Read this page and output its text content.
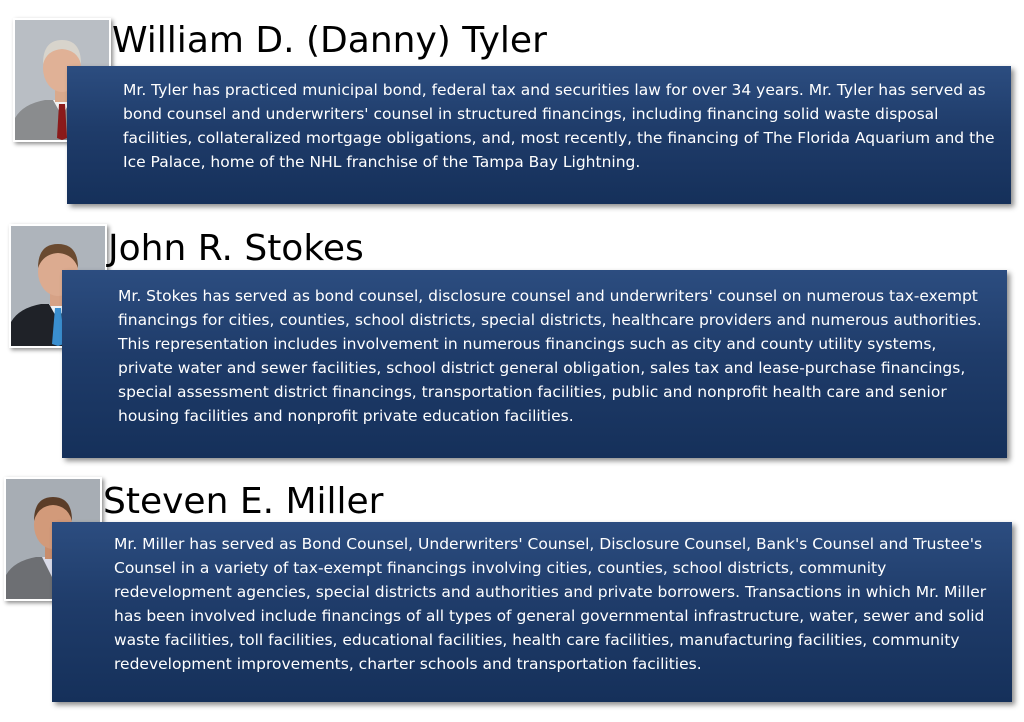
William D. (Danny) Tyler

Mr. Tyler has practiced municipal bond, federal tax and securities law for over 34 years. Mr. Tyler has served as bond counsel and underwriters' counsel in structured financings, including financing solid waste disposal facilities, collateralized mortgage obligations, and, most recently, the financing of The Florida Aquarium and the Ice Palace, home of the NHL franchise of the Tampa Bay Lightning.

John R. Stokes

Mr. Stokes has served as bond counsel, disclosure counsel and underwriters' counsel on numerous tax-exempt financings for cities, counties, school districts, special districts, healthcare providers and numerous authorities. This representation includes involvement in numerous financings such as city and county utility systems, private water and sewer facilities, school district general obligation, sales tax and lease-purchase financings, special assessment district financings, transportation facilities, public and nonprofit health care and senior housing facilities and nonprofit private education facilities.

Steven E. Miller

Mr. Miller has served as Bond Counsel, Underwriters' Counsel, Disclosure Counsel, Bank's Counsel and Trustee's Counsel in a variety of tax-exempt financings involving cities, counties, school districts, community redevelopment agencies, special districts and authorities and private borrowers. Transactions in which Mr. Miller has been involved include financings of all types of general governmental infrastructure, water, sewer and solid waste facilities, toll facilities, educational facilities, health care facilities, manufacturing facilities, community redevelopment improvements, charter schools and transportation facilities.
